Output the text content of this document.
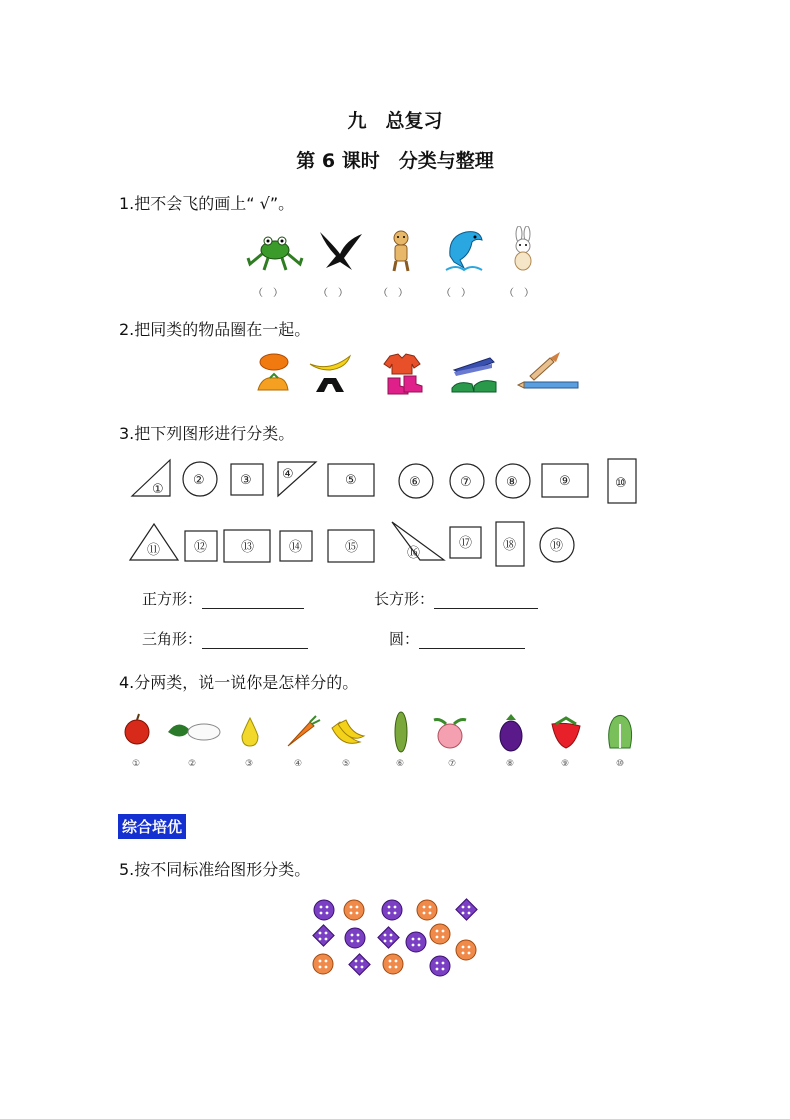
九　总复习
第 6 课时　分类与整理
1.把不会飞的画上“ √”。
（　）	（　）	（　）	（　）	（　）
2.把同类的物品圈在一起。
3.把下列图形进行分类。
①
②	③ ④	⑤	⑥	⑦	⑧	⑨	⑩
⑪	⑫	⑬	⑭	⑮	⑯
⑰ ⑱	⑲
正方形：	长方形：
三角形：	圆：
4.分两类，说一说你是怎样分的。
①	②	③	④	⑤	⑥	⑦	⑧	⑨	⑩
综合培优
5.按不同标准给图形分类。
